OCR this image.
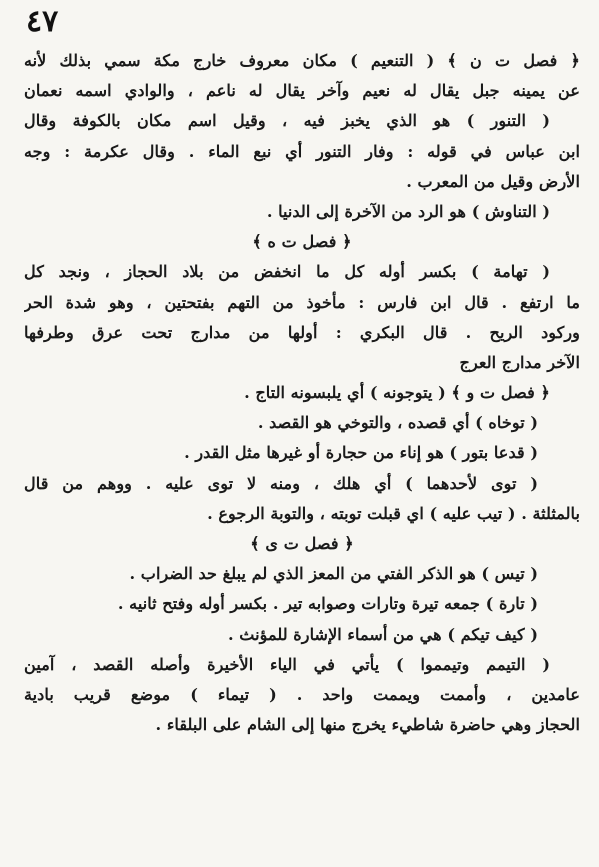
٤٧
﴿ فصل ت ن ﴾ ( التنعيم ) مكان معروف خارج مكة سمي بذلك لأنه
عن يمينه جبل يقال له نعيم وآخر يقال له ناعم ، والوادي اسمه نعمان
( التنور ) هو الذي يخبز فيه ، وقيل اسم مكان بالكوفة وقال
ابن عباس في قوله : وفار التنور أي نبع الماء . وقال عكرمة : وجه
الأرض وقيل من المعرب .
( التناوش ) هو الرد من الآخرة إلى الدنيا .
﴿ فصل ت ه ﴾
( تهامة ) بكسر أوله كل ما انخفض من بلاد الحجاز ، ونجد كل
ما ارتفع . قال ابن فارس : مأخوذ من التهم بفتحتين ، وهو شدة الحر
وركود الريح . قال البكري : أولها من مدارج تحت عرق وطرفها
الآخر مدارج العرج
﴿ فصل ت و ﴾ ( يتوجونه ) أي يلبسونه التاج .
( توخاه ) أي قصده ، والتوخي هو القصد .
( قدعا بتور ) هو إناء من حجارة أو غيرها مثل القدر .
( توى لأحدهما ) أي هلك ، ومنه لا توى عليه . ووهم من قال
بالمثلثة . ( تيب عليه ) اي قبلت توبته ، والتوبة الرجوع .
﴿ فصل ت ى ﴾
( تيس ) هو الذكر الفتي من المعز الذي لم يبلغ حد الضراب .
( تارة ) جمعه تيرة وتارات وصوابه تير . بكسر أوله وفتح ثانيه .
( كيف تيكم ) هي من أسماء الإشارة للمؤنث .
( التيمم وتيمموا ) يأتي في الياء الأخيرة وأصله القصد ، آمين
عامدين ، وأممت ويممت واحد . ( تيماء ) موضع قريب بادية
الحجاز وهي حاضرة شاطيء يخرج منها إلى الشام على البلقاء .
